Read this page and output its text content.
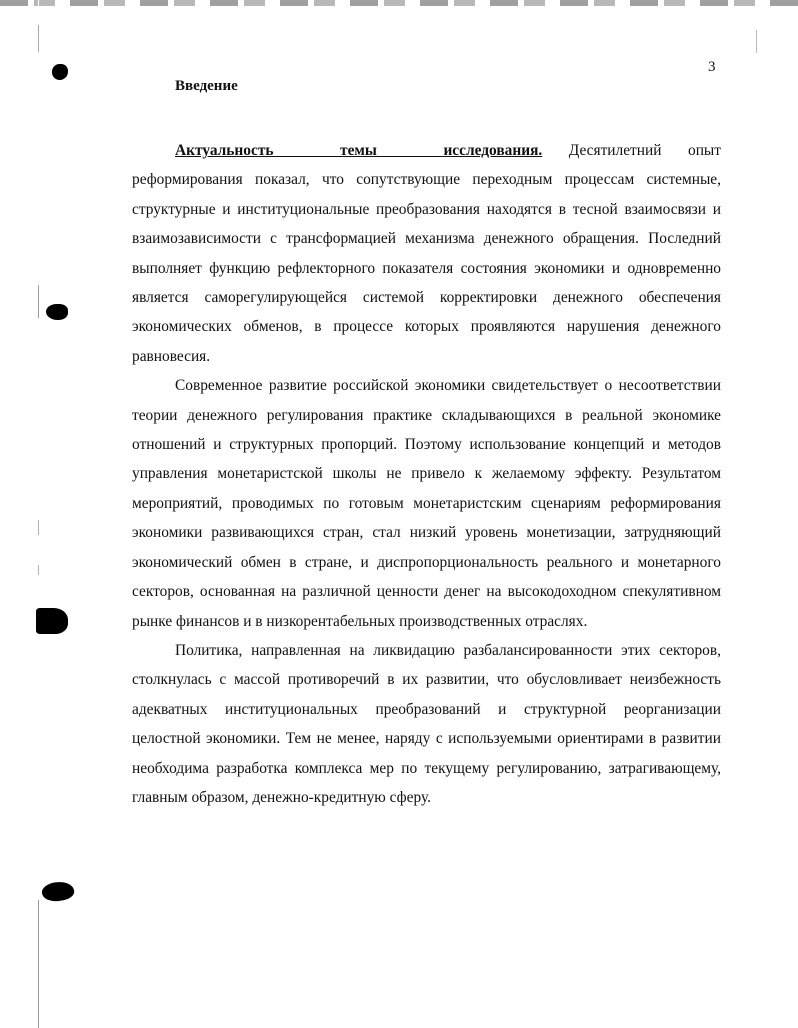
3
Введение

Актуальность темы исследования. Десятилетний опыт реформирования показал, что сопутствующие переходным процессам системные, структурные и институциональные преобразования находятся в тесной взаимосвязи и взаимозависимости с трансформацией механизма денежного обращения. Последний выполняет функцию рефлекторного показателя состояния экономики и одновременно является саморегулирующейся системой корректировки денежного обеспечения экономических обменов, в процессе которых проявляются нарушения денежного равновесия.

Современное развитие российской экономики свидетельствует о несоответствии теории денежного регулирования практике складывающихся в реальной экономике отношений и структурных пропорций. Поэтому использование концепций и методов управления монетаристской школы не привело к желаемому эффекту. Результатом мероприятий, проводимых по готовым монетаристским сценариям реформирования экономики развивающихся стран, стал низкий уровень монетизации, затрудняющий экономический обмен в стране, и диспропорциональность реального и монетарного секторов, основанная на различной ценности денег на высокодоходном спекулятивном рынке финансов и в низкорентабельных производственных отраслях.

Политика, направленная на ликвидацию разбалансированности этих секторов, столкнулась с массой противоречий в их развитии, что обусловливает неизбежность адекватных институциональных преобразований и структурной реорганизации целостной экономики. Тем не менее, наряду с используемыми ориентирами в развитии необходима разработка комплекса мер по текущему регулированию, затрагивающему, главным образом, денежно-кредитную сферу.
